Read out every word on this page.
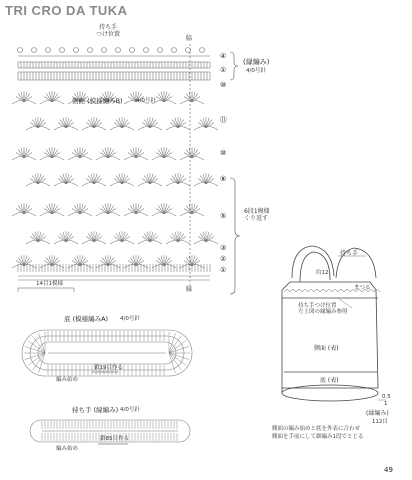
TRI CRO DA TUKA
持ち手
つけ位置
脇
(縁編み)
4/0号針
側面 (模様編みB) 4/0号針
6段1模様
くり返す
14目1模様
脇
④
①
⑩
⑪
⑩
⑧
⑤
③
②
①
底 (模様編みA) 4/0号針
編み始め
鎖19目作る
持ち手 (縁編み) 4/0号針
編み始め
鎖85目作る
持ち手
約12
まつる
持ち手つけ位置
左上図の縁編み参照
側面 (表)
底 (表)
0.5
1
(縁編み)
112目
側面の編み始めと底を外表に合わせ
側面を手前にして細編み1段でとじる
49
